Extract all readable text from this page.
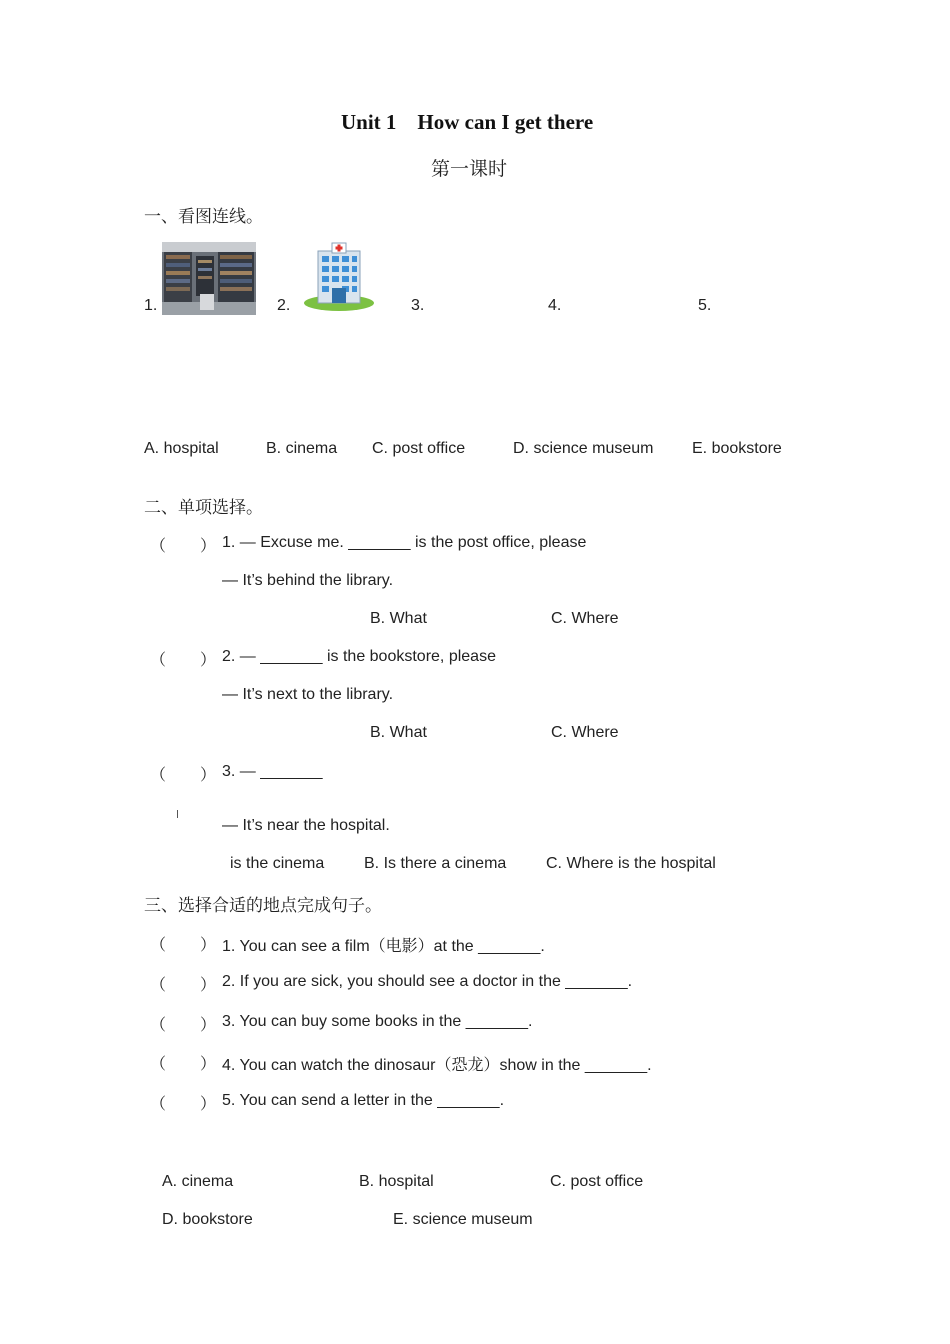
Unit 1    How can I get there
第一课时
一、看图连线。
1.	2.	3.	4.	5.
A. hospital	B. cinema C. post office	D. science museum E. bookstore
二、单项选择。
（ ） 1. — Excuse me. _______ is the post office, please
— It’s behind the library.
B. What	C. Where
（ ） 2. — _______ is the bookstore, please
— It’s next to the library.
B. What	C. Where
（ ） 3. — _______
— It’s near the hospital.
is the cinema B. Is there a cinema C. Where is the hospital
三、选择合适的地点完成句子。
（ ） 1. You can see a film（电影）at the _______.
（ ） 2. If you are sick, you should see a doctor in the _______.
（ ） 3. You can buy some books in the _______.
（ ） 4. You can watch the dinosaur（恐龙）show in the _______.
（ ） 5. You can send a letter in the _______.
A. cinema	B. hospital	C. post office
D. bookstore	E. science museum
